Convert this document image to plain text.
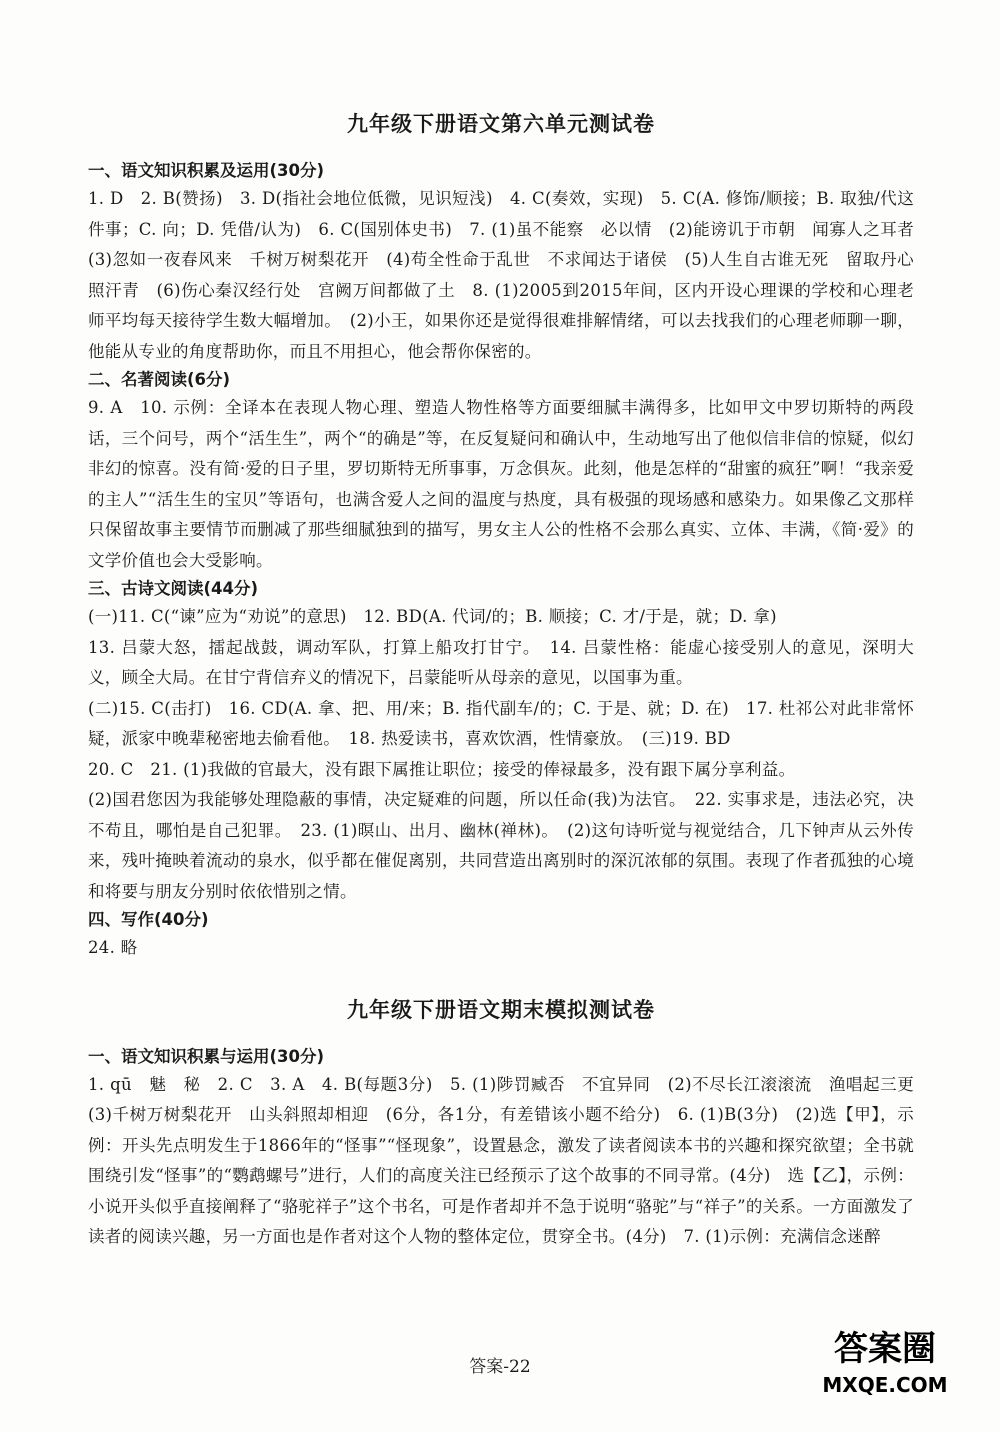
九年级下册语文第六单元测试卷

一、语文知识积累及运用(30分)

1. D　2. B(赞扬)　3. D(指社会地位低微，见识短浅)　4. C(奏效，实现)　5. C(A. 修饰/顺接；B. 取独/代这件事；C. 向；D. 凭借/认为)　6. C(国别体史书)　7. (1)虽不能察　必以情　(2)能谤讥于市朝　闻寡人之耳者　(3)忽如一夜春风来　千树万树梨花开　(4)苟全性命于乱世　不求闻达于诸侯　(5)人生自古谁无死　留取丹心照汗青　(6)伤心秦汉经行处　宫阙万间都做了土　8. (1)2005到2015年间，区内开设心理课的学校和心理老师平均每天接待学生数大幅增加。　(2)小王，如果你还是觉得很难排解情绪，可以去找我们的心理老师聊一聊，他能从专业的角度帮助你，而且不用担心，他会帮你保密的。

二、名著阅读(6分)

9. A　10. 示例：全译本在表现人物心理、塑造人物性格等方面要细腻丰满得多，比如甲文中罗切斯特的两段话，三个问号，两个“活生生”，两个“的确是”等，在反复疑问和确认中，生动地写出了他似信非信的惊疑，似幻非幻的惊喜。没有简·爱的日子里，罗切斯特无所事事，万念俱灰。此刻，他是怎样的“甜蜜的疯狂”啊！“我亲爱的主人”“活生生的宝贝”等语句，也满含爱人之间的温度与热度，具有极强的现场感和感染力。如果像乙文那样只保留故事主要情节而删减了那些细腻独到的描写，男女主人公的性格不会那么真实、立体、丰满，《简·爱》的文学价值也会大受影响。

三、古诗文阅读(44分)

(一)11. C(“谏”应为“劝说”的意思)　12. BD(A. 代词/的；B. 顺接；C. 才/于是，就；D. 拿)

13. 吕蒙大怒，擂起战鼓，调动军队，打算上船攻打甘宁。　14. 吕蒙性格：能虚心接受别人的意见，深明大义，顾全大局。在甘宁背信弃义的情况下，吕蒙能听从母亲的意见，以国事为重。

(二)15. C(击打)　16. CD(A. 拿、把、用/来；B. 指代副车/的；C. 于是、就；D. 在)　17. 杜祁公对此非常怀疑，派家中晚辈秘密地去偷看他。　18. 热爱读书，喜欢饮酒，性情豪放。　(三)19. BD

20. C　21. (1)我做的官最大，没有跟下属推让职位；接受的俸禄最多，没有跟下属分享利益。

(2)国君您因为我能够处理隐蔽的事情，决定疑难的问题，所以任命(我)为法官。　22. 实事求是，违法必究，决不苟且，哪怕是自己犯罪。　23. (1)暝山、出月、幽林(禅林)。　(2)这句诗听觉与视觉结合，几下钟声从云外传来，残叶掩映着流动的泉水，似乎都在催促离别，共同营造出离别时的深沉浓郁的氛围。表现了作者孤独的心境和将要与朋友分别时依依惜别之情。

四、写作(40分)

24. 略

九年级下册语文期末模拟测试卷

一、语文知识积累与运用(30分)

1. qū　魅　秘　2. C　3. A　4. B(每题3分)　5. (1)陟罚臧否　不宜异同　(2)不尽长江滚滚流　渔唱起三更　(3)千树万树梨花开　山头斜照却相迎　(6分，各1分，有差错该小题不给分)　6. (1)B(3分)　(2)选【甲】，示例：开头先点明发生于1866年的“怪事”“怪现象”，设置悬念，激发了读者阅读本书的兴趣和探究欲望；全书就围绕引发“怪事”的“鹦鹉螺号”进行，人们的高度关注已经预示了这个故事的不同寻常。(4分)　选【乙】，示例：小说开头似乎直接阐释了“骆驼祥子”这个书名，可是作者却并不急于说明“骆驼”与“祥子”的关系。一方面激发了读者的阅读兴趣，另一方面也是作者对这个人物的整体定位，贯穿全书。(4分)　7. (1)示例：充满信念迷醉

答案-22	答案圈
MXQE.COM
